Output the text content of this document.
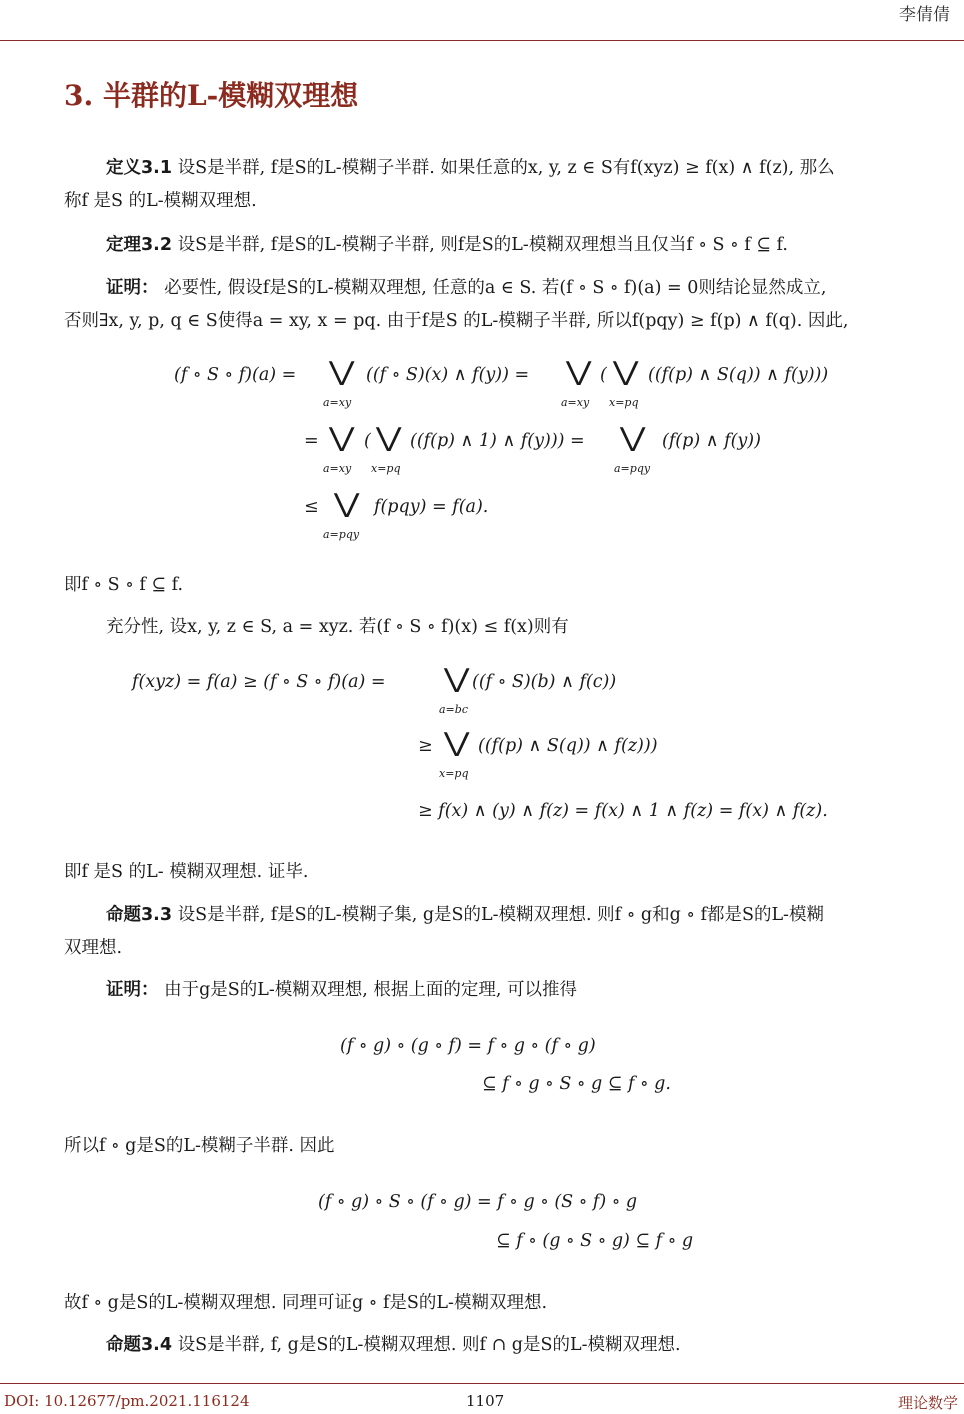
李倩倩
3. 半群的L-模糊双理想
定义3.1 设S是半群, f是S的L-模糊子半群. 如果任意的x, y, z ∈ S有f(xyz) ≥ f(x) ∧ f(z), 那么
称f 是S 的L-模糊双理想.
定理3.2 设S是半群, f是S的L-模糊子半群, 则f是S的L-模糊双理想当且仅当f ∘ S ∘ f ⊆ f.
证明： 必要性, 假设f是S的L-模糊双理想, 任意的a ∈ S. 若(f ∘ S ∘ f)(a) = 0则结论显然成立,
否则∃x, y, p, q ∈ S使得a = xy, x = pq. 由于f是S 的L-模糊子半群, 所以f(pqy) ≥ f(p) ∧ f(q). 因此,
(f ∘ S ∘ f)(a) = ⋁
a=xy
((f ∘ S)(x) ∧ f(y)) = ⋁
a=xy
( ⋁
x=pq
((f(p) ∧ S(q)) ∧ f(y)))
= ⋁
a=xy
( ⋁
x=pq
((f(p) ∧ 1) ∧ f(y))) = ⋁
a=pqy
(f(p) ∧ f(y))
≤ ⋁
a=pqy
f(pqy) = f(a).
即f ∘ S ∘ f ⊆ f.
充分性, 设x, y, z ∈ S, a = xyz. 若(f ∘ S ∘ f)(x) ≤ f(x)则有
f(xyz) = f(a) ≥ (f ∘ S ∘ f)(a) = ⋁
a=bc
((f ∘ S)(b) ∧ f(c))
≥ ⋁
x=pq
((f(p) ∧ S(q)) ∧ f(z)))
≥ f(x) ∧ (y) ∧ f(z) = f(x) ∧ 1 ∧ f(z) = f(x) ∧ f(z).
即f 是S 的L- 模糊双理想. 证毕.
命题3.3 设S是半群, f是S的L-模糊子集, g是S的L-模糊双理想. 则f ∘ g和g ∘ f都是S的L-模糊
双理想.
证明： 由于g是S的L-模糊双理想, 根据上面的定理, 可以推得
(f ∘ g) ∘ (g ∘ f) = f ∘ g ∘ (f ∘ g)
⊆ f ∘ g ∘ S ∘ g ⊆ f ∘ g.
所以f ∘ g是S的L-模糊子半群. 因此
(f ∘ g) ∘ S ∘ (f ∘ g) = f ∘ g ∘ (S ∘ f) ∘ g
⊆ f ∘ (g ∘ S ∘ g) ⊆ f ∘ g
故f ∘ g是S的L-模糊双理想. 同理可证g ∘ f是S的L-模糊双理想.
命题3.4 设S是半群, f, g是S的L-模糊双理想. 则f ∩ g是S的L-模糊双理想.
DOI: 10.12677/pm.2021.116124	1107	理论数学
